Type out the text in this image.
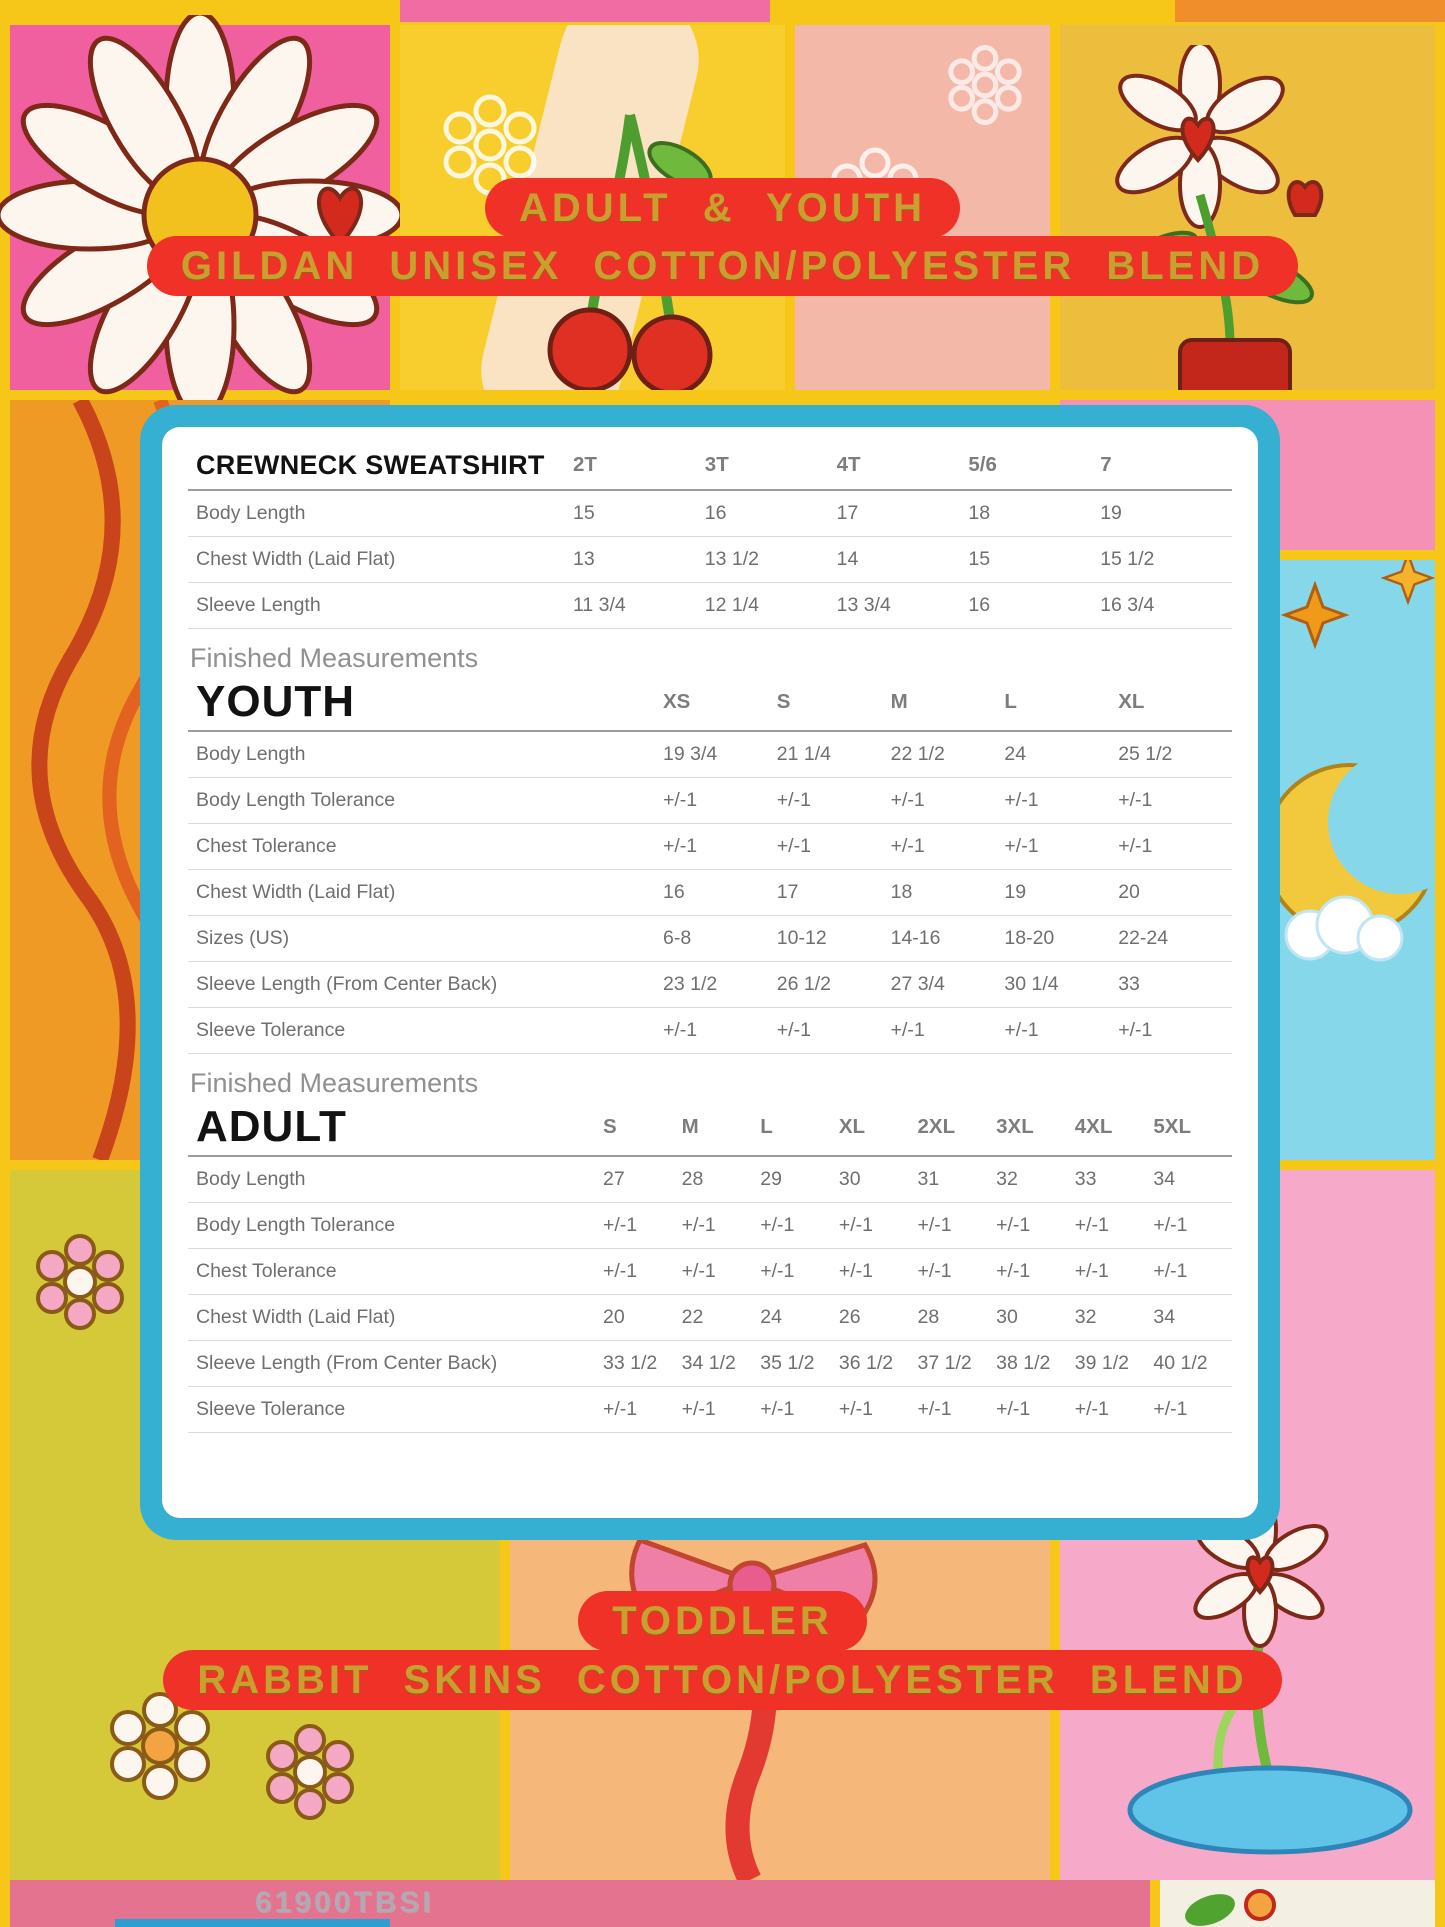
61900TBSI
ADULT & YOUTH
GILDAN UNISEX COTTON/POLYESTER BLEND
TODDLER
RABBIT SKINS COTTON/POLYESTER BLEND
CREWNECK SWEATSHIRT	2T	3T	4T	5/6	7
Body Length	15	16	17	18	19
Chest Width (Laid Flat)	13	13 1/2	14	15	15 1/2
Sleeve Length	11 3/4	12 1/4	13 3/4	16	16 3/4
Finished Measurements
YOUTH	XS	S	M	L	XL
Body Length	19 3/4	21 1/4	22 1/2	24	25 1/2
Body Length Tolerance	+/-1	+/-1	+/-1	+/-1	+/-1
Chest Tolerance	+/-1	+/-1	+/-1	+/-1	+/-1
Chest Width (Laid Flat)	16	17	18	19	20
Sizes (US)	6-8	10-12	14-16	18-20	22-24
Sleeve Length (From Center Back)	23 1/2	26 1/2	27 3/4	30 1/4	33
Sleeve Tolerance	+/-1	+/-1	+/-1	+/-1	+/-1
Finished Measurements
ADULT	S	M	L	XL	2XL	3XL	4XL	5XL
Body Length	27	28	29	30	31	32	33	34
Body Length Tolerance	+/-1	+/-1	+/-1	+/-1	+/-1	+/-1	+/-1	+/-1
Chest Tolerance	+/-1	+/-1	+/-1	+/-1	+/-1	+/-1	+/-1	+/-1
Chest Width (Laid Flat)	20	22	24	26	28	30	32	34
Sleeve Length (From Center Back)	33 1/2	34 1/2	35 1/2	36 1/2	37 1/2	38 1/2	39 1/2	40 1/2
Sleeve Tolerance	+/-1	+/-1	+/-1	+/-1	+/-1	+/-1	+/-1	+/-1
